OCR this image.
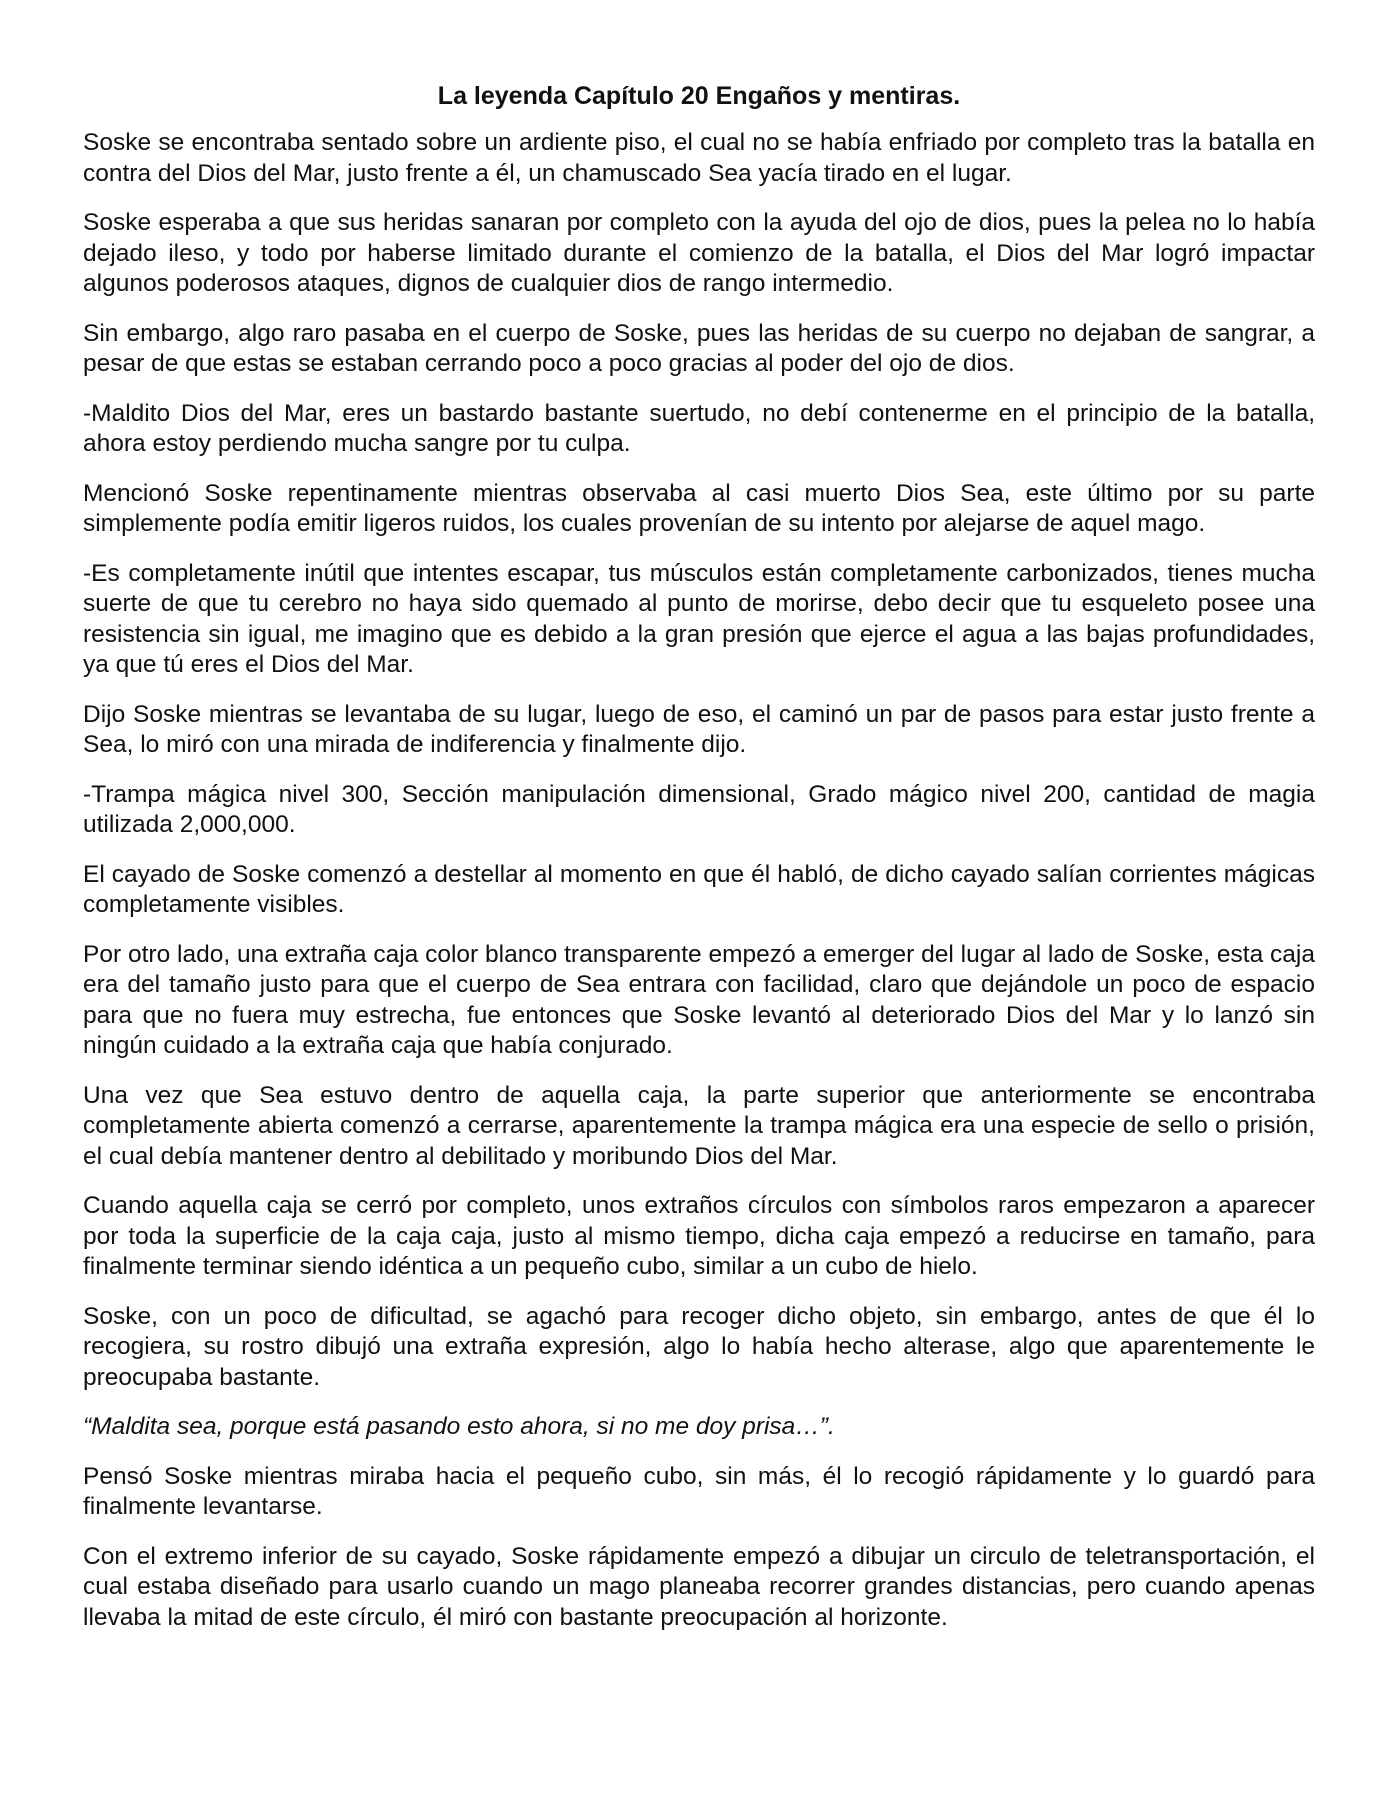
La leyenda Capítulo 20 Engaños y mentiras.

Soske se encontraba sentado sobre un ardiente piso, el cual no se había enfriado por completo tras la batalla en contra del Dios del Mar, justo frente a él, un chamuscado Sea yacía tirado en el lugar.

Soske esperaba a que sus heridas sanaran por completo con la ayuda del ojo de dios, pues la pelea no lo había dejado ileso, y todo por haberse limitado durante el comienzo de la batalla, el Dios del Mar logró impactar algunos poderosos ataques, dignos de cualquier dios de rango intermedio.

Sin embargo, algo raro pasaba en el cuerpo de Soske, pues las heridas de su cuerpo no dejaban de sangrar, a pesar de que estas se estaban cerrando poco a poco gracias al poder del ojo de dios.

-Maldito Dios del Mar, eres un bastardo bastante suertudo, no debí contenerme en el principio de la batalla, ahora estoy perdiendo mucha sangre por tu culpa.

Mencionó Soske repentinamente mientras observaba al casi muerto Dios Sea, este último por su parte simplemente podía emitir ligeros ruidos, los cuales provenían de su intento por alejarse de aquel mago.

-Es completamente inútil que intentes escapar, tus músculos están completamente carbonizados, tienes mucha suerte de que tu cerebro no haya sido quemado al punto de morirse, debo decir que tu esqueleto posee una resistencia sin igual, me imagino que es debido a la gran presión que ejerce el agua a las bajas profundidades, ya que tú eres el Dios del Mar.

Dijo Soske mientras se levantaba de su lugar, luego de eso, el caminó un par de pasos para estar justo frente a Sea, lo miró con una mirada de indiferencia y finalmente dijo.

-Trampa mágica nivel 300, Sección manipulación dimensional, Grado mágico nivel 200, cantidad de magia utilizada 2,000,000.

El cayado de Soske comenzó a destellar al momento en que él habló, de dicho cayado salían corrientes mágicas completamente visibles.

Por otro lado, una extraña caja color blanco transparente empezó a emerger del lugar al lado de Soske, esta caja era del tamaño justo para que el cuerpo de Sea entrara con facilidad, claro que dejándole un poco de espacio para que no fuera muy estrecha, fue entonces que Soske levantó al deteriorado Dios del Mar y lo lanzó sin ningún cuidado a la extraña caja que había conjurado.

Una vez que Sea estuvo dentro de aquella caja, la parte superior que anteriormente se encontraba completamente abierta comenzó a cerrarse, aparentemente la trampa mágica era una especie de sello o prisión, el cual debía mantener dentro al debilitado y moribundo Dios del Mar.

Cuando aquella caja se cerró por completo, unos extraños círculos con símbolos raros empezaron a aparecer por toda la superficie de la caja caja, justo al mismo tiempo, dicha caja empezó a reducirse en tamaño, para finalmente terminar siendo idéntica a un pequeño cubo, similar a un cubo de hielo.

Soske, con un poco de dificultad, se agachó para recoger dicho objeto, sin embargo, antes de que él lo recogiera, su rostro dibujó una extraña expresión, algo lo había hecho alterase, algo que aparentemente le preocupaba bastante.

“Maldita sea, porque está pasando esto ahora, si no me doy prisa…”.

Pensó Soske mientras miraba hacia el pequeño cubo, sin más, él lo recogió rápidamente y lo guardó para finalmente levantarse.

Con el extremo inferior de su cayado, Soske rápidamente empezó a dibujar un circulo de teletransportación, el cual estaba diseñado para usarlo cuando un mago planeaba recorrer grandes distancias, pero cuando apenas llevaba la mitad de este círculo, él miró con bastante preocupación al horizonte.
